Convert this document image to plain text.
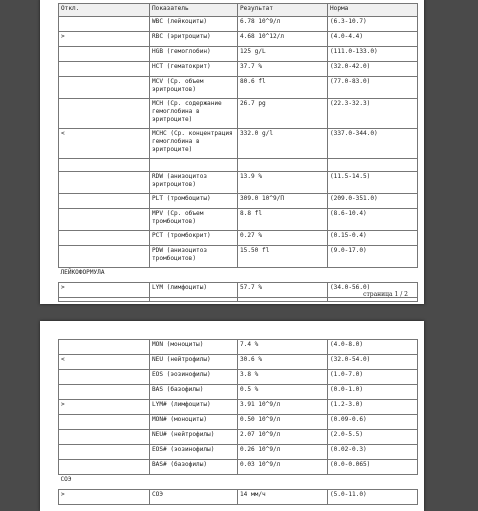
Откл.	Показатель	Результат	Норма
	WBC (лейкоциты)	6.78 10^9/л	(6.3-10.7)
>	RBC (эритроциты)	4.68 10^12/л	(4.0-4.4)
	HGB (гемоглобин)	125 g/L	(111.0-133.0)
	HCT (гематокрит)	37.7 %	(32.0-42.0)
	MCV (Ср. объем эритроцитов)	80.6 fl	(77.0-83.0)
	MCH (Ср. содержание гемоглобина в эритроците)	26.7 pg	(22.3-32.3)
<	MCHC (Ср. концентрация гемоглобина в эритроците)	332.0 g/l	(337.0-344.0)

	RDW (анизоцитоз эритроцитов)	13.9 %	(11.5-14.5)
	PLT (тромбоциты)	309.0 10^9/П	(209.0-351.0)
	MPV (Ср. объем тромбоцитов)	8.8 fl	(8.6-10.4)
	PCT (тромбокрит)	0.27 %	(0.15-0.4)
	PDW (анизоцитоз тромбоцитов)	15.50 fl	(9.0-17.0)
ЛЕЙКОФОРМУЛА			
>	LYM (лимфоциты)	57.7 %	(34.0-56.0)

страница 1 / 2
	MON (моноциты)	7.4 %	(4.0-8.0)
<	NEU (нейтрофилы)	30.6 %	(32.0-54.0)
	EOS (эозинофилы)	3.8 %	(1.0-7.0)
	BAS (базофилы)	0.5 %	(0.0-1.0)
>	LYM# (лимфоциты)	3.91 10^9/л	(1.2-3.0)
	MON# (моноциты)	0.50 10^9/л	(0.09-0.6)
	NEU# (нейтрофилы)	2.07 10^9/л	(2.0-5.5)
	EOS# (эозинофилы)	0.26 10^9/л	(0.02-0.3)
	BAS# (базофилы)	0.03 10^9/л	(0.0-0.065)
СОЭ			
>	СОЭ	14 мм/ч	(5.0-11.0)
